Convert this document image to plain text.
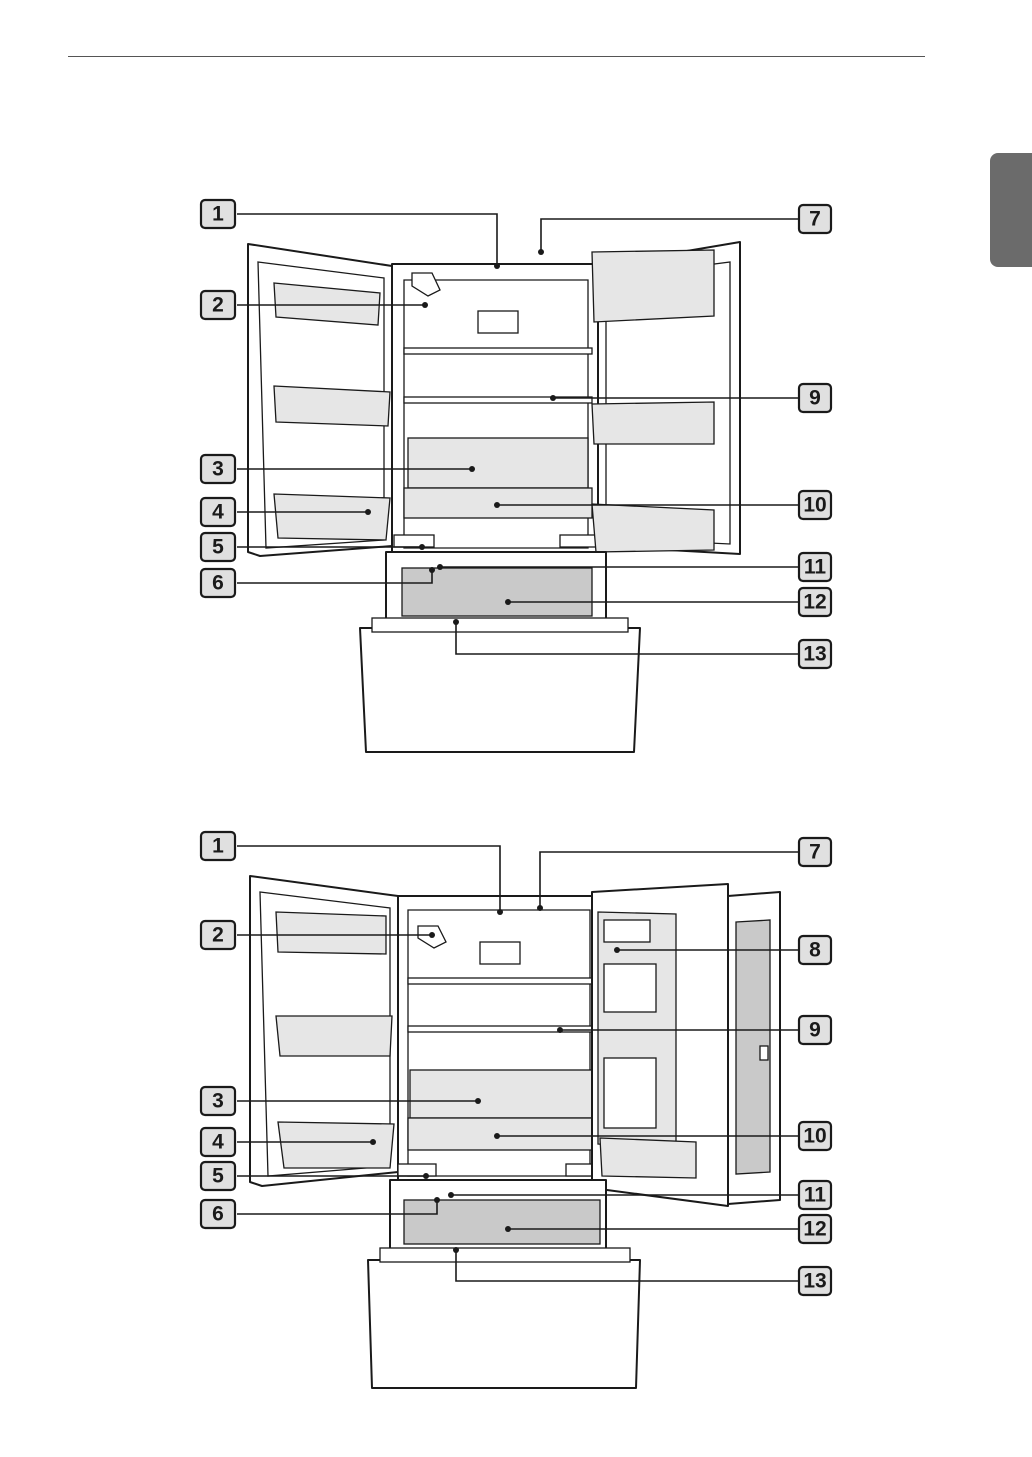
1
2
3
4
5
6
7
9
10
11
12
13
1
2
3
4
5
6
7
8
9
10
11
12
13
